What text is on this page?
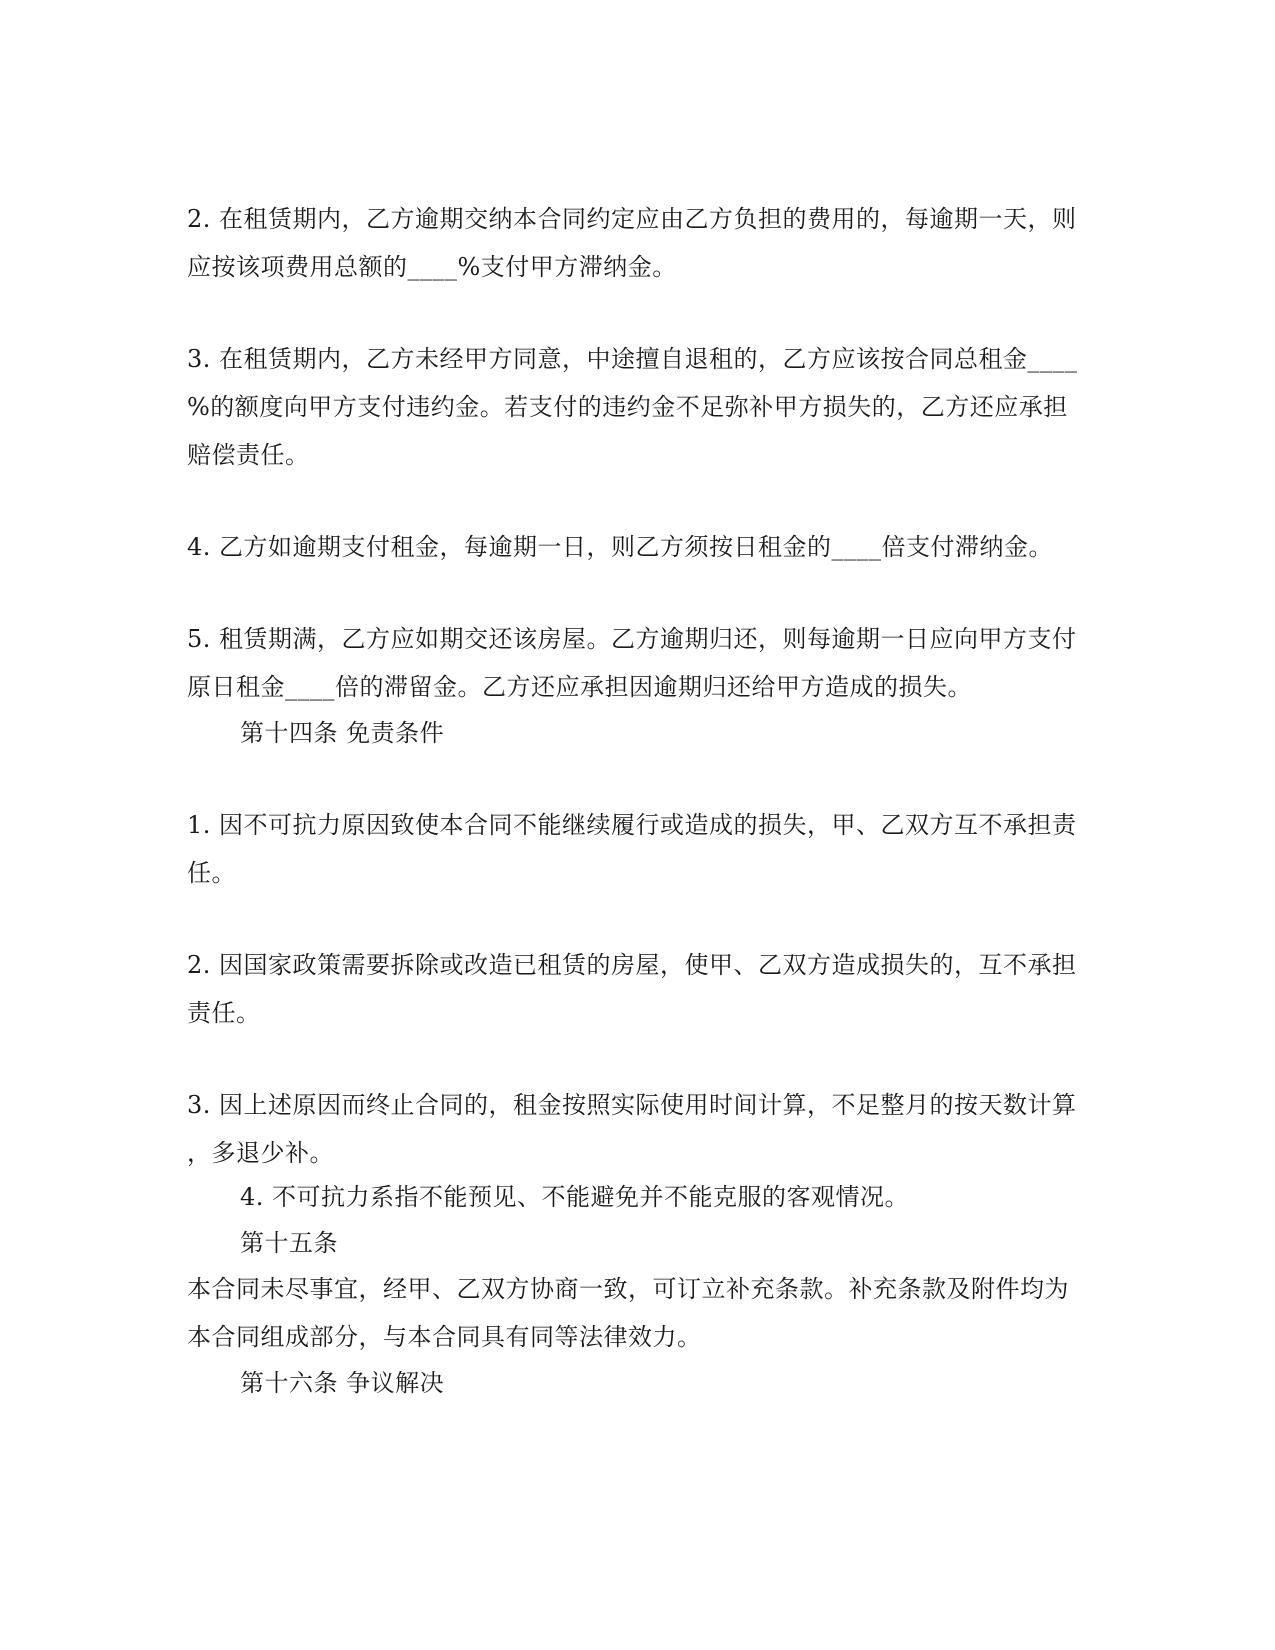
2. 在租赁期内，乙方逾期交纳本合同约定应由乙方负担的费用的，每逾期一天，则
应按该项费用总额的____%支付甲方滞纳金。
3. 在租赁期内，乙方未经甲方同意，中途擅自退租的，乙方应该按合同总租金____
%的额度向甲方支付违约金。若支付的违约金不足弥补甲方损失的，乙方还应承担
赔偿责任。
4. 乙方如逾期支付租金，每逾期一日，则乙方须按日租金的____倍支付滞纳金。
5. 租赁期满，乙方应如期交还该房屋。乙方逾期归还，则每逾期一日应向甲方支付
原日租金____倍的滞留金。乙方还应承担因逾期归还给甲方造成的损失。
第十四条 免责条件
1. 因不可抗力原因致使本合同不能继续履行或造成的损失，甲、乙双方互不承担责
任。
2. 因国家政策需要拆除或改造已租赁的房屋，使甲、乙双方造成损失的，互不承担
责任。
3. 因上述原因而终止合同的，租金按照实际使用时间计算，不足整月的按天数计算
，多退少补。
4. 不可抗力系指不能预见、不能避免并不能克服的客观情况。
第十五条
本合同未尽事宜，经甲、乙双方协商一致，可订立补充条款。补充条款及附件均为
本合同组成部分，与本合同具有同等法律效力。
第十六条 争议解决
